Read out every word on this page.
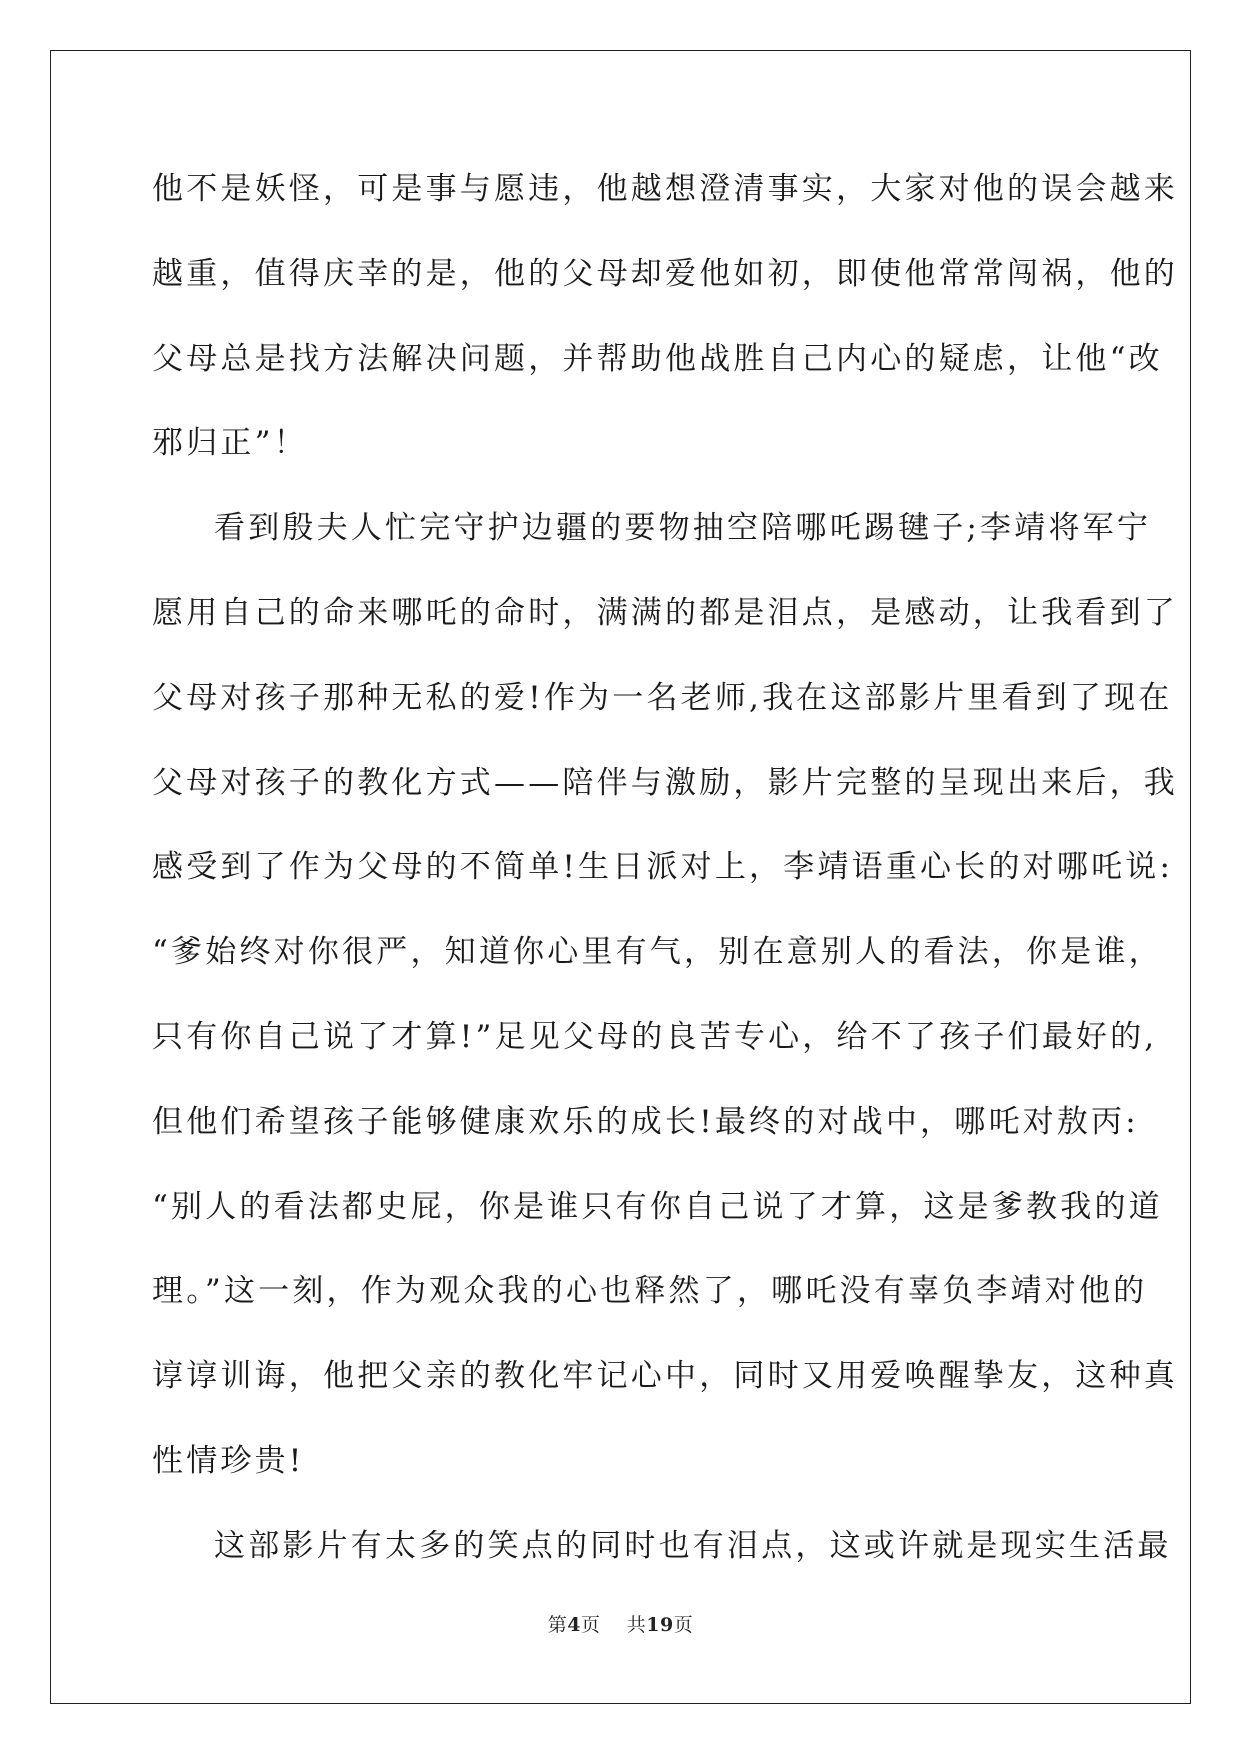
他不是妖怪，可是事与愿违，他越想澄清事实，大家对他的误会越来
越重，值得庆幸的是，他的父母却爱他如初，即使他常常闯祸，他的
父母总是找方法解决问题，并帮助他战胜自己内心的疑虑，让他“改
邪归正”！
看到殷夫人忙完守护边疆的要物抽空陪哪吒踢毽子;李靖将军宁
愿用自己的命来哪吒的命时，满满的都是泪点，是感动，让我看到了
父母对孩子那种无私的爱!作为一名老师,我在这部影片里看到了现在
父母对孩子的教化方式——陪伴与激励，影片完整的呈现出来后，我
感受到了作为父母的不简单!生日派对上，李靖语重心长的对哪吒说:
“爹始终对你很严，知道你心里有气，别在意别人的看法，你是谁，
只有你自己说了才算!”足见父母的良苦专心，给不了孩子们最好的,
但他们希望孩子能够健康欢乐的成长!最终的对战中，哪吒对敖丙:
“别人的看法都史屁，你是谁只有你自己说了才算，这是爹教我的道
理。”这一刻，作为观众我的心也释然了，哪吒没有辜负李靖对他的
谆谆训诲，他把父亲的教化牢记心中，同时又用爱唤醒挚友，这种真
性情珍贵!
这部影片有太多的笑点的同时也有泪点，这或许就是现实生活最
第4页 共19页
